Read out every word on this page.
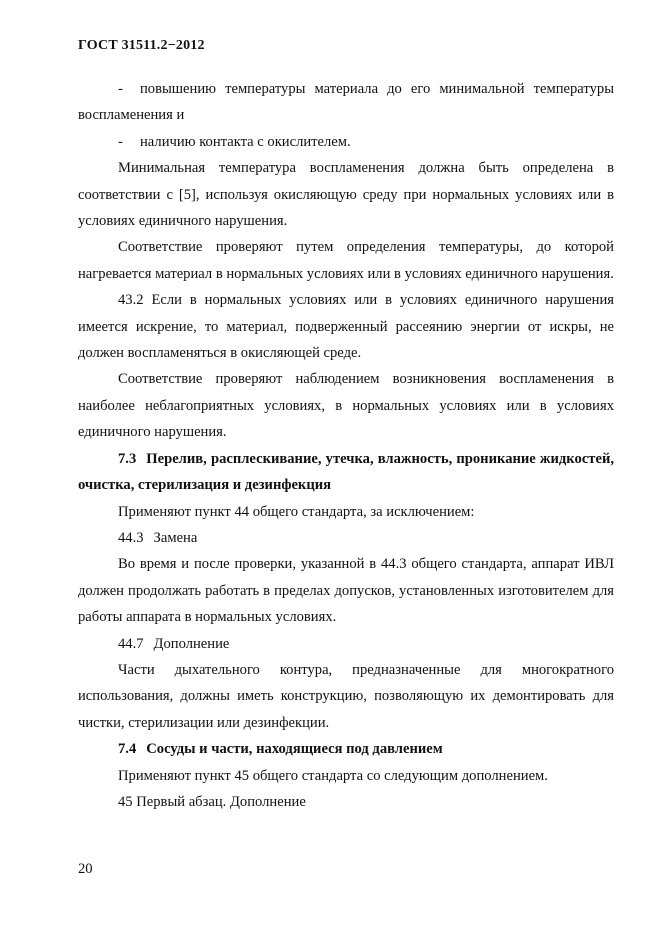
ГОСТ 31511.2−2012

- повышению температуры материала до его минимальной температуры воспламенения и

- наличию контакта с окислителем.

Минимальная температура воспламенения должна быть определена в соответствии с [5], используя окисляющую среду при нормальных условиях или в условиях единичного нарушения.

Соответствие проверяют путем определения температуры, до которой нагревается материал в нормальных условиях или в условиях единичного нарушения.

43.2 Если в нормальных условиях или в условиях единичного нарушения имеется искрение, то материал, подверженный рассеянию энергии от искры, не должен воспламеняться в окисляющей среде.

Соответствие проверяют наблюдением возникновения воспламенения в наиболее неблагоприятных условиях, в нормальных условиях или в условиях единичного нарушения.

7.3 Перелив, расплескивание, утечка, влажность, проникание жидкостей, очистка, стерилизация и дезинфекция

Применяют пункт 44 общего стандарта, за исключением:

44.3 Замена

Во время и после проверки, указанной в 44.3 общего стандарта, аппарат ИВЛ должен продолжать работать в пределах допусков, установленных изготовителем для работы аппарата в нормальных условиях.

44.7 Дополнение

Части дыхательного контура, предназначенные для многократного использования, должны иметь конструкцию, позволяющую их демонтировать для чистки, стерилизации или дезинфекции.

7.4 Сосуды и части, находящиеся под давлением

Применяют пункт 45 общего стандарта со следующим дополнением.

45 Первый абзац. Дополнение

20
